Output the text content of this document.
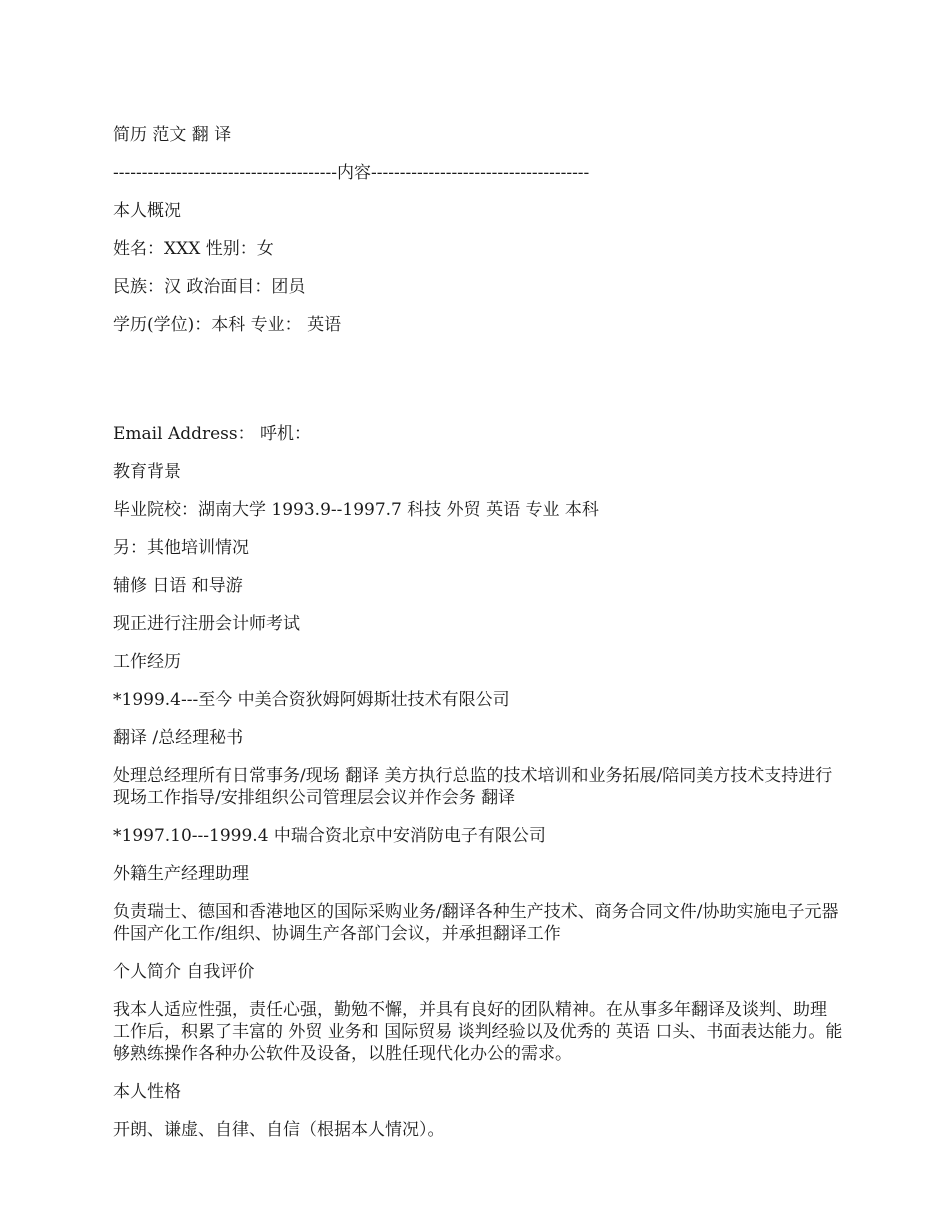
简历 范文 翻 译

---------------------------------------内容--------------------------------------

本人概况

姓名：XXX 性别：女

民族：汉 政治面目：团员

学历(学位)：本科 专业： 英语

Email Address： 呼机：

教育背景

毕业院校：湖南大学 1993.9--1997.7 科技 外贸 英语 专业 本科

另：其他培训情况

辅修 日语 和导游

现正进行注册会计师考试

工作经历

*1999.4---至今 中美合资狄姆阿姆斯壮技术有限公司

翻译 /总经理秘书

处理总经理所有日常事务/现场 翻译 美方执行总监的技术培训和业务拓展/陪同美方技术支持进行现场工作指导/安排组织公司管理层会议并作会务 翻译

*1997.10---1999.4 中瑞合资北京中安消防电子有限公司

外籍生产经理助理

负责瑞士、德国和香港地区的国际采购业务/翻译各种生产技术、商务合同文件/协助实施电子元器件国产化工作/组织、协调生产各部门会议，并承担翻译工作

个人简介 自我评价

我本人适应性强，责任心强，勤勉不懈，并具有良好的团队精神。在从事多年翻译及谈判、助理工作后，积累了丰富的 外贸 业务和 国际贸易 谈判经验以及优秀的 英语 口头、书面表达能力。能够熟练操作各种办公软件及设备，以胜任现代化办公的需求。

本人性格

开朗、谦虚、自律、自信（根据本人情况）。
